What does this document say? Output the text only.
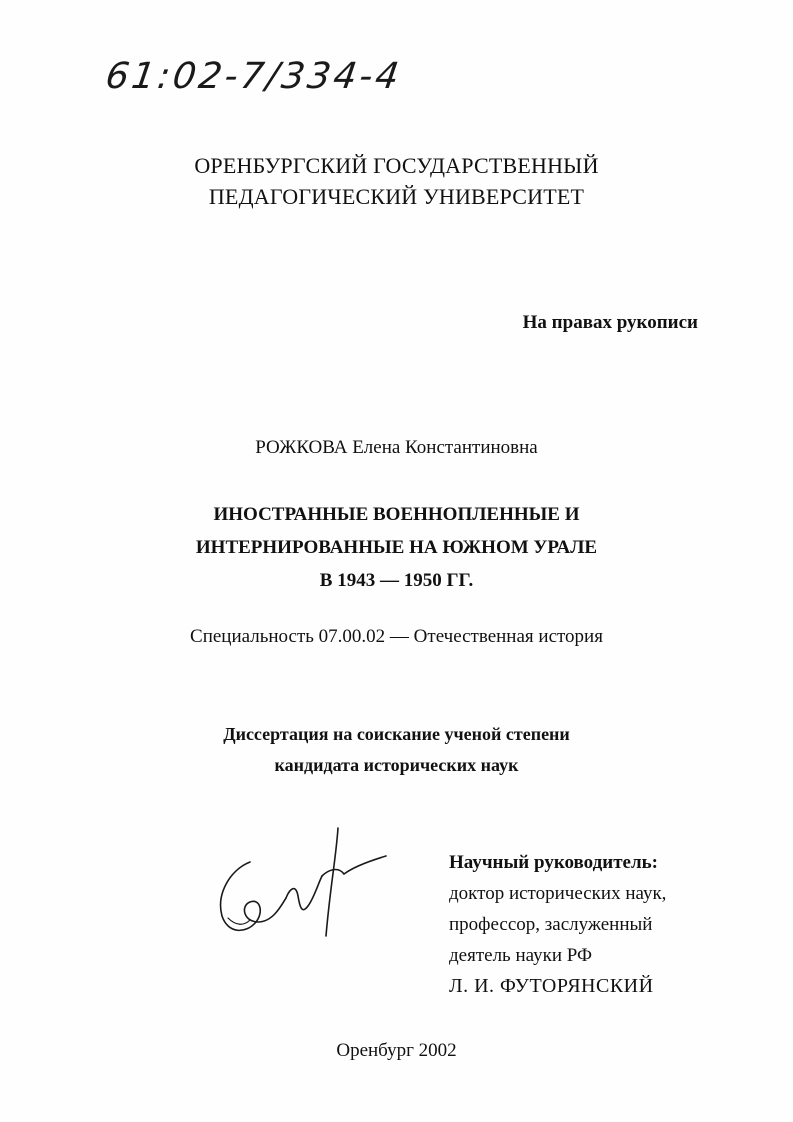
61:02-7/334-4
ОРЕНБУРГСКИЙ ГОСУДАРСТВЕННЫЙ
ПЕДАГОГИЧЕСКИЙ УНИВЕРСИТЕТ
На правах рукописи
РОЖКОВА Елена Константиновна
ИНОСТРАННЫЕ ВОЕННОПЛЕННЫЕ И
ИНТЕРНИРОВАННЫЕ НА ЮЖНОМ УРАЛЕ
В 1943 — 1950 ГГ.
Специальность 07.00.02 — Отечественная история
Диссертация на соискание ученой степени
кандидата исторических наук
Научный руководитель:
доктор исторических наук,
профессор, заслуженный
деятель науки РФ
Л. И. ФУТОРЯНСКИЙ
Оренбург 2002
